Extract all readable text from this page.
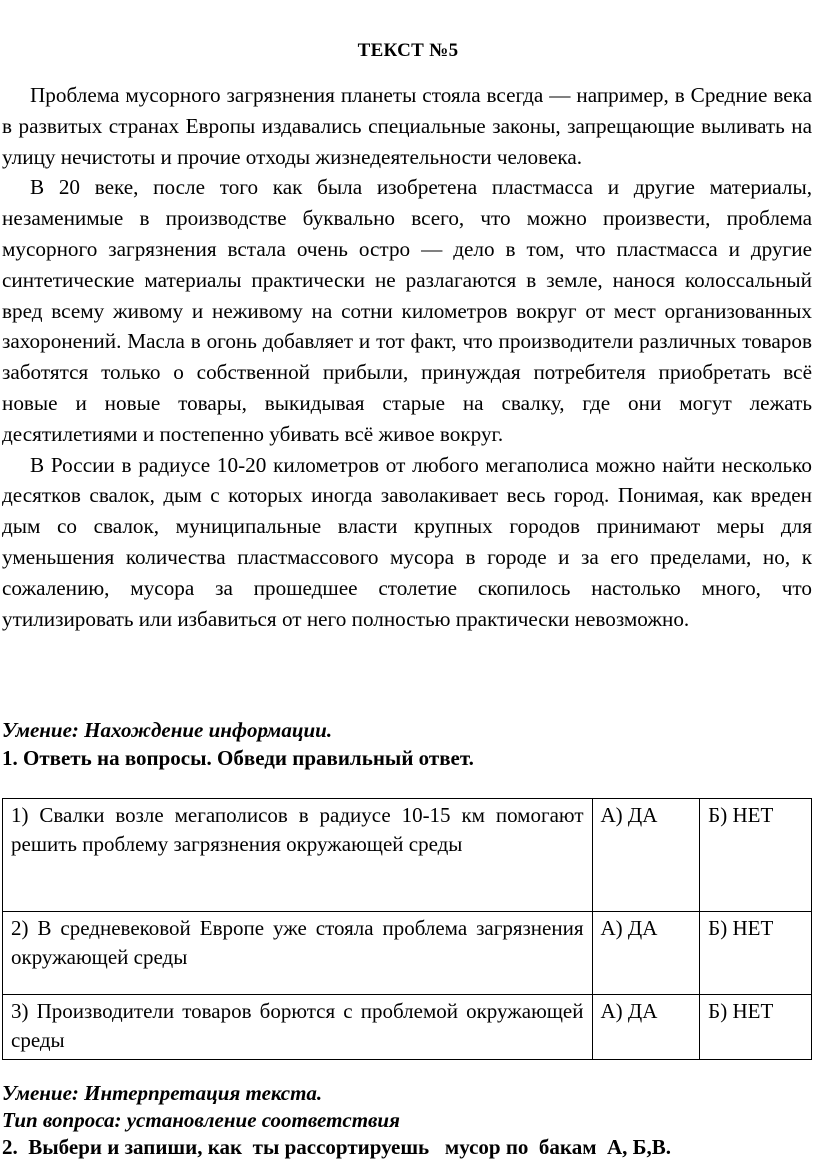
ТЕКСТ №5

Проблема мусорного загрязнения планеты стояла всегда — например, в Средние века в развитых странах Европы издавались специальные законы, запрещающие выливать на улицу нечистоты и прочие отходы жизнедеятельности человека.

В 20 веке, после того как была изобретена пластмасса и другие материалы, незаменимые в производстве буквально всего, что можно произвести, проблема мусорного загрязнения встала очень остро — дело в том, что пластмасса и другие синтетические материалы практически не разлагаются в земле, нанося колоссальный вред всему живому и неживому на сотни километров вокруг от мест организованных захоронений. Масла в огонь добавляет и тот факт, что производители различных товаров заботятся только о собственной прибыли, принуждая потребителя приобретать всё новые и новые товары, выкидывая старые на свалку, где они могут лежать десятилетиями и постепенно убивать всё живое вокруг.

В России в радиусе 10-20 километров от любого мегаполиса можно найти несколько десятков свалок, дым с которых иногда заволакивает весь город. Понимая, как вреден дым со свалок, муниципальные власти крупных городов принимают меры для уменьшения количества пластмассового мусора в городе и за его пределами, но, к сожалению, мусора за прошедшее столетие скопилось настолько много, что утилизировать или избавиться от него полностью практически невозможно.

Умение: Нахождение информации.
1. Ответь на вопросы. Обведи правильный ответ.
1) Свалки возле мегаполисов в радиусе 10-15 км помогают решить проблему загрязнения окружающей среды	А) ДА	Б) НЕТ
2) В средневековой Европе уже стояла проблема загрязнения окружающей среды	А) ДА	Б) НЕТ
3) Производители товаров борются с проблемой окружающей среды	А) ДА	Б) НЕТ
Умение: Интерпретация текста.
Тип вопроса: установление соответствия
2.  Выбери и запиши, как  ты рассортируешь   мусор по  бакам  А, Б,В.
